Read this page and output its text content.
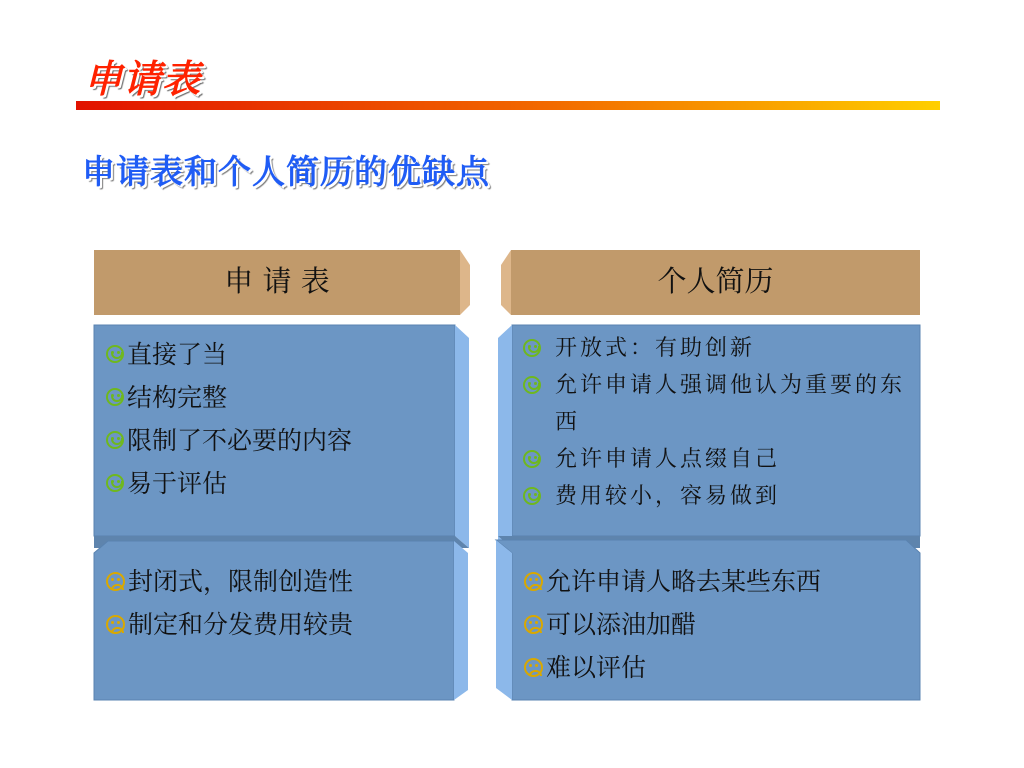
申请表
申请表和个人简历的优缺点
申 请 表	个人简历
直接了当
结构完整
限制了不必要的内容
易于评估
开放式：有助创新
允许申请人强调他认为重要的东西
允许申请人点缀自己
费用较小，容易做到
封闭式，限制创造性
制定和分发费用较贵
允许申请人略去某些东西
可以添油加醋
难以评估
